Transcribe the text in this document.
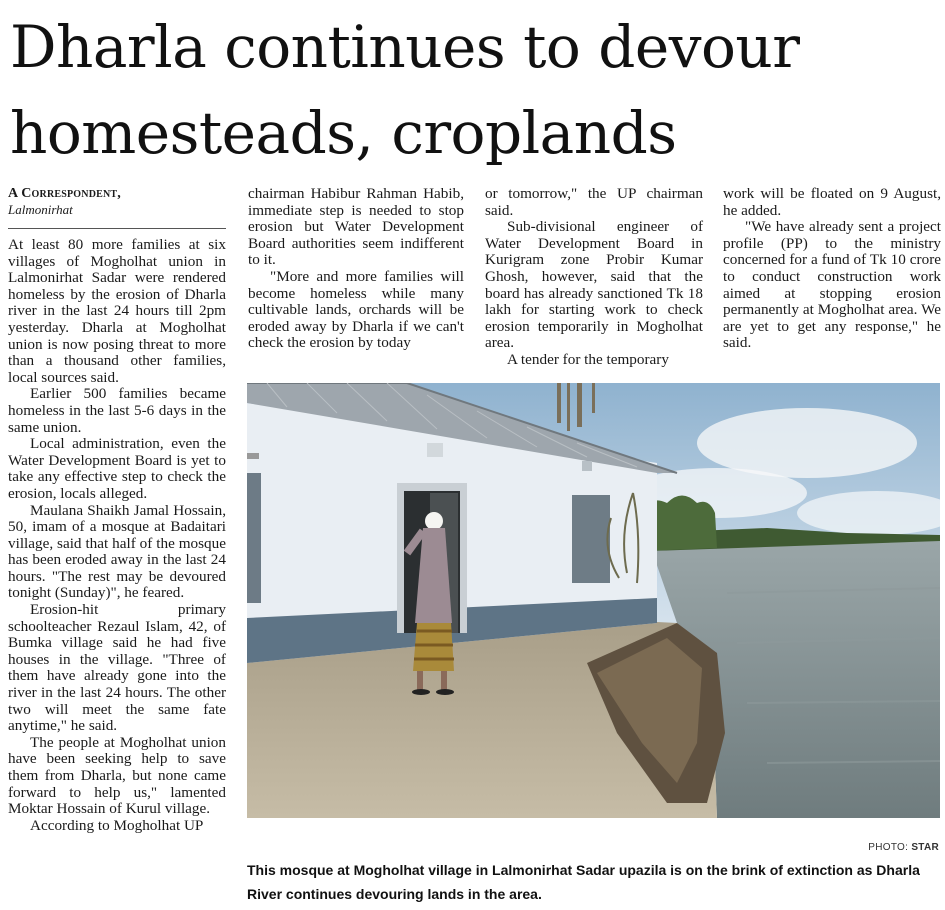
Dharla continues to devour
homesteads, croplands
A Correspondent,
Lalmonirhat

At least 80 more families at six villages of Mogholhat union in Lalmonirhat Sadar were rendered homeless by the erosion of Dharla river in the last 24 hours till 2pm yesterday. Dharla at Mogholhat union is now posing threat to more than a thousand other families, local sources said.

Earlier 500 families became homeless in the last 5-6 days in the same union.

Local administration, even the Water Development Board is yet to take any effective step to check the erosion, locals alleged.

Maulana Shaikh Jamal Hossain, 50, imam of a mosque at Badaitari village, said that half of the mosque has been eroded away in the last 24 hours. "The rest may be devoured tonight (Sunday)", he feared.

Erosion-hit primary schoolteacher Rezaul Islam, 42, of Bumka village said he had five houses in the village. "Three of them have already gone into the river in the last 24 hours. The other two will meet the same fate anytime," he said.

The people at Mogholhat union have been seeking help to save them from Dharla, but none came forward to help us," lamented Moktar Hossain of Kurul village.

According to Mogholhat UP

chairman Habibur Rahman Habib, immediate step is needed to stop erosion but Water Development Board authorities seem indifferent to it.

"More and more families will become homeless while many cultivable lands, orchards will be eroded away by Dharla if we can't check the erosion by today

or tomorrow," the UP chairman said.

Sub-divisional engineer of Water Development Board in Kurigram zone Probir Kumar Ghosh, however, said that the board has already sanctioned Tk 18 lakh for starting work to check erosion temporarily in Mogholhat area.

A tender for the temporary

work will be floated on 9 August, he added.

"We have already sent a project profile (PP) to the ministry concerned for a fund of Tk 10 crore to conduct construction work aimed at stopping erosion permanently at Mogholhat area. We are yet to get any response," he said.

PHOTO: STAR
This mosque at Mogholhat village in Lalmonirhat Sadar upazila is on the brink of extinction as Dharla River continues devouring lands in the area.
